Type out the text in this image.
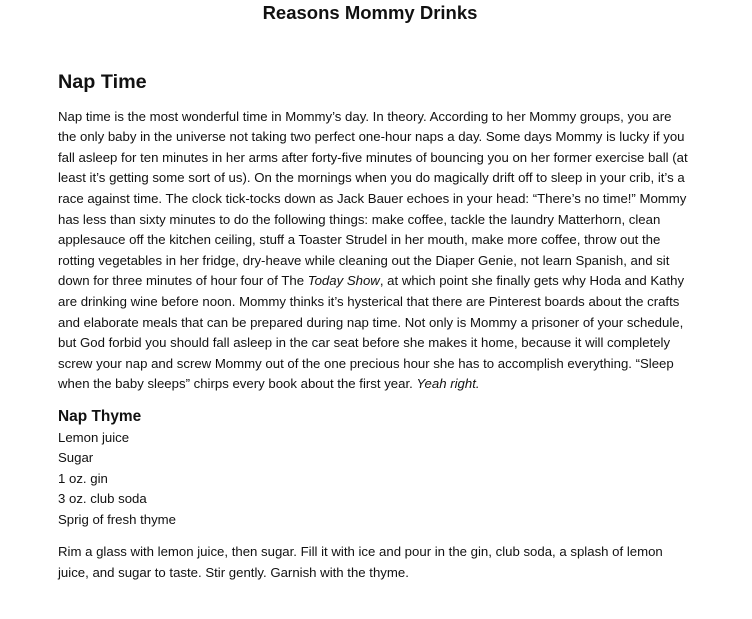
Reasons Mommy Drinks
Nap Time

Nap time is the most wonderful time in Mommy’s day. In theory. According to her Mommy groups, you are the only baby in the universe not taking two perfect one-hour naps a day. Some days Mommy is lucky if you fall asleep for ten minutes in her arms after forty-five minutes of bouncing you on her former exercise ball (at least it’s getting some sort of us). On the mornings when you do magically drift off to sleep in your crib, it’s a race against time. The clock tick-tocks down as Jack Bauer echoes in your head: “There’s no time!” Mommy has less than sixty minutes to do the following things: make coffee, tackle the laundry Matterhorn, clean applesauce off the kitchen ceiling, stuff a Toaster Strudel in her mouth, make more coffee, throw out the rotting vegetables in her fridge, dry-heave while cleaning out the Diaper Genie, not learn Spanish, and sit down for three minutes of hour four of The Today Show, at which point she finally gets why Hoda and Kathy are drinking wine before noon. Mommy thinks it’s hysterical that there are Pinterest boards about the crafts and elaborate meals that can be prepared during nap time. Not only is Mommy a prisoner of your schedule, but God forbid you should fall asleep in the car seat before she makes it home, because it will completely screw your nap and screw Mommy out of the one precious hour she has to accomplish everything. “Sleep when the baby sleeps” chirps every book about the first year. Yeah right.

Nap Thyme
Lemon juice
Sugar
1 oz. gin
3 oz. club soda
Sprig of fresh thyme

Rim a glass with lemon juice, then sugar. Fill it with ice and pour in the gin, club soda, a splash of lemon juice, and sugar to taste. Stir gently. Garnish with the thyme.
